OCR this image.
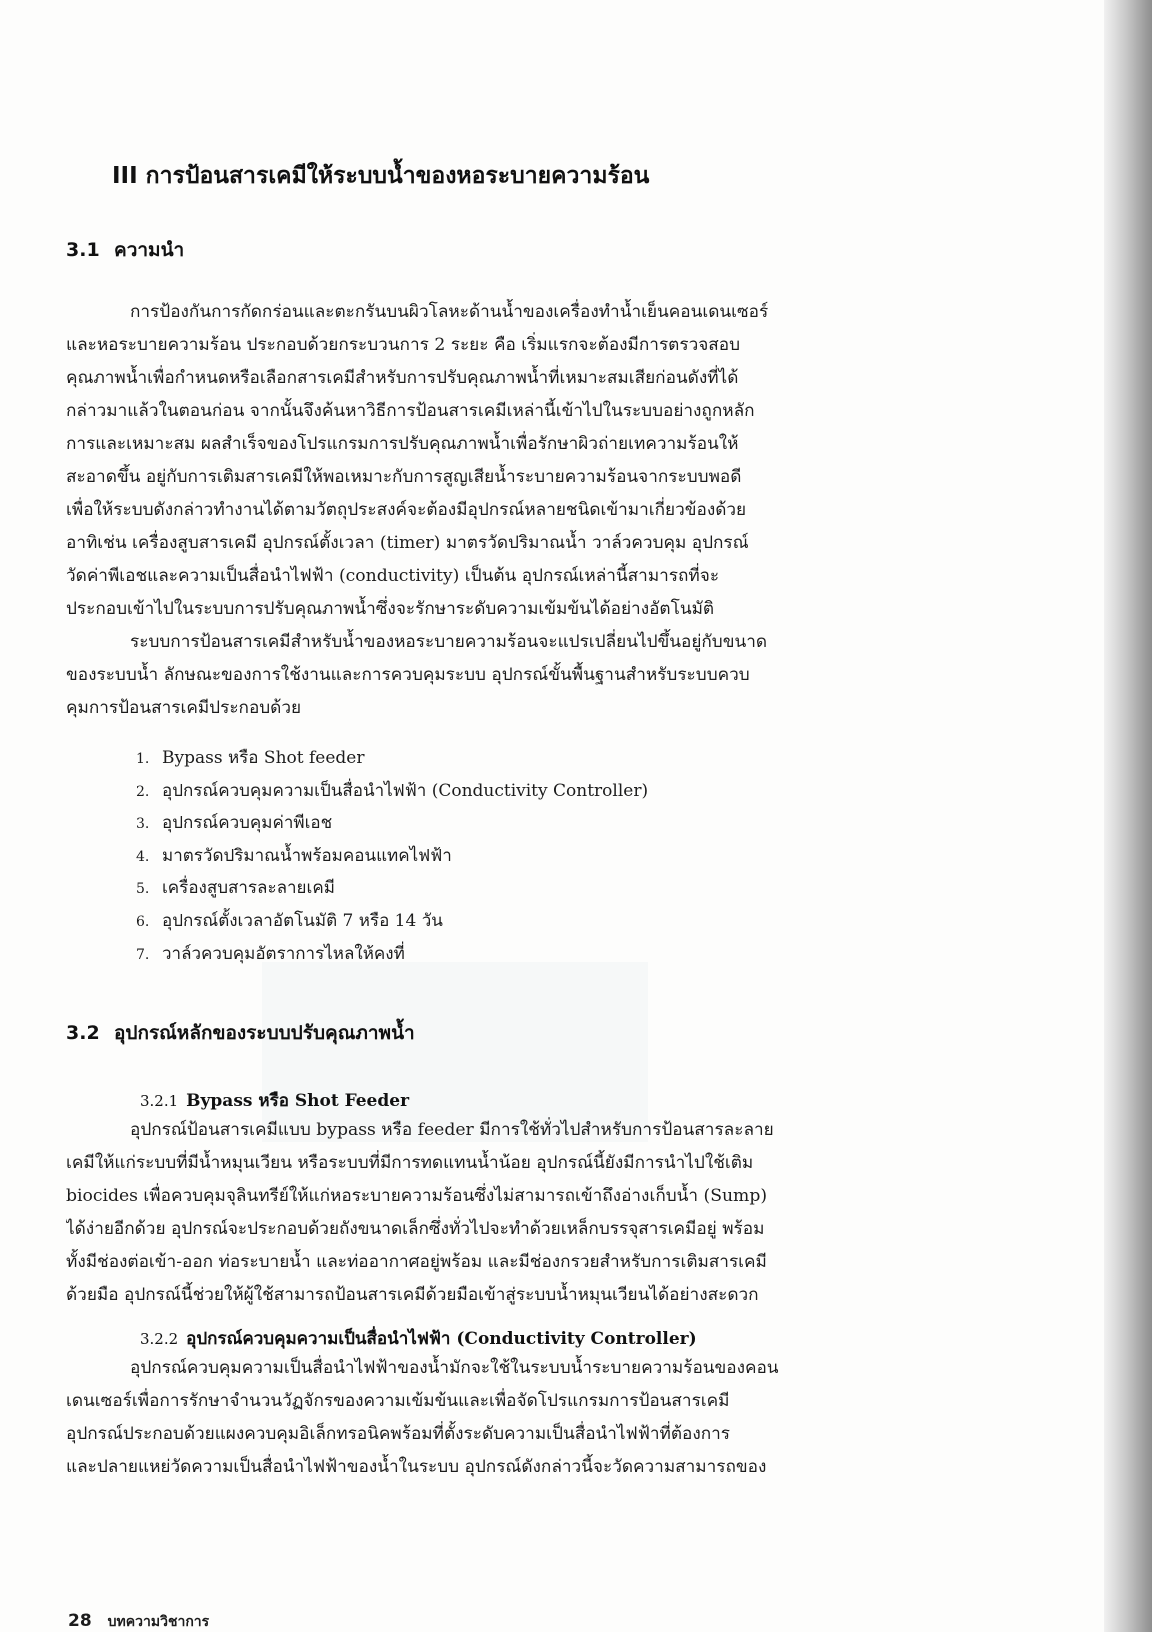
III การป้อนสารเคมีให้ระบบน้ำของหอระบายความร้อน
3.1 ความนำ
การป้องกันการกัดกร่อนและตะกรันบนผิวโลหะด้านน้ำของเครื่องทำน้ำเย็นคอนเดนเซอร์
และหอระบายความร้อน ประกอบด้วยกระบวนการ 2 ระยะ คือ เริ่มแรกจะต้องมีการตรวจสอบ
คุณภาพน้ำเพื่อกำหนดหรือเลือกสารเคมีสำหรับการปรับคุณภาพน้ำที่เหมาะสมเสียก่อนดังที่ได้
กล่าวมาแล้วในตอนก่อน จากนั้นจึงค้นหาวิธีการป้อนสารเคมีเหล่านี้เข้าไปในระบบอย่างถูกหลัก
การและเหมาะสม ผลสำเร็จของโปรแกรมการปรับคุณภาพน้ำเพื่อรักษาผิวถ่ายเทความร้อนให้
สะอาดขึ้น อยู่กับการเติมสารเคมีให้พอเหมาะกับการสูญเสียน้ำระบายความร้อนจากระบบพอดี
เพื่อให้ระบบดังกล่าวทำงานได้ตามวัตถุประสงค์จะต้องมีอุปกรณ์หลายชนิดเข้ามาเกี่ยวข้องด้วย
อาทิเช่น เครื่องสูบสารเคมี อุปกรณ์ตั้งเวลา (timer) มาตรวัดปริมาณน้ำ วาล์วควบคุม อุปกรณ์
วัดค่าพีเอชและความเป็นสื่อนำไฟฟ้า (conductivity) เป็นต้น อุปกรณ์เหล่านี้สามารถที่จะ
ประกอบเข้าไปในระบบการปรับคุณภาพน้ำซึ่งจะรักษาระดับความเข้มข้นได้อย่างอัตโนมัติ
ระบบการป้อนสารเคมีสำหรับน้ำของหอระบายความร้อนจะแปรเปลี่ยนไปขึ้นอยู่กับขนาด
ของระบบน้ำ ลักษณะของการใช้งานและการควบคุมระบบ อุปกรณ์ขั้นพื้นฐานสำหรับระบบควบ
คุมการป้อนสารเคมีประกอบด้วย
1. Bypass หรือ Shot feeder
2. อุปกรณ์ควบคุมความเป็นสื่อนำไฟฟ้า (Conductivity Controller)
3. อุปกรณ์ควบคุมค่าพีเอช
4. มาตรวัดปริมาณน้ำพร้อมคอนแทคไฟฟ้า
5. เครื่องสูบสารละลายเคมี
6. อุปกรณ์ตั้งเวลาอัตโนมัติ 7 หรือ 14 วัน
7. วาล์วควบคุมอัตราการไหลให้คงที่
3.2 อุปกรณ์หลักของระบบปรับคุณภาพน้ำ
3.2.1 Bypass หรือ Shot Feeder
อุปกรณ์ป้อนสารเคมีแบบ bypass หรือ feeder มีการใช้ทั่วไปสำหรับการป้อนสารละลาย
เคมีให้แก่ระบบที่มีน้ำหมุนเวียน หรือระบบที่มีการทดแทนน้ำน้อย อุปกรณ์นี้ยังมีการนำไปใช้เติม
biocides เพื่อควบคุมจุลินทรีย์ให้แก่หอระบายความร้อนซึ่งไม่สามารถเข้าถึงอ่างเก็บน้ำ (Sump)
ได้ง่ายอีกด้วย อุปกรณ์จะประกอบด้วยถังขนาดเล็กซึ่งทั่วไปจะทำด้วยเหล็กบรรจุสารเคมีอยู่ พร้อม
ทั้งมีช่องต่อเข้า-ออก ท่อระบายน้ำ และท่ออากาศอยู่พร้อม และมีช่องกรวยสำหรับการเติมสารเคมี
ด้วยมือ อุปกรณ์นี้ช่วยให้ผู้ใช้สามารถป้อนสารเคมีด้วยมือเข้าสู่ระบบน้ำหมุนเวียนได้อย่างสะดวก
3.2.2 อุปกรณ์ควบคุมความเป็นสื่อนำไฟฟ้า (Conductivity Controller)
อุปกรณ์ควบคุมความเป็นสื่อนำไฟฟ้าของน้ำมักจะใช้ในระบบน้ำระบายความร้อนของคอน
เดนเซอร์เพื่อการรักษาจำนวนวัฏจักรของความเข้มข้นและเพื่อจัดโปรแกรมการป้อนสารเคมี
อุปกรณ์ประกอบด้วยแผงควบคุมอิเล็กทรอนิคพร้อมที่ตั้งระดับความเป็นสื่อนำไฟฟ้าที่ต้องการ
และปลายแหย่วัดความเป็นสื่อนำไฟฟ้าของน้ำในระบบ อุปกรณ์ดังกล่าวนี้จะวัดความสามารถของ
28 บทความวิชาการ
